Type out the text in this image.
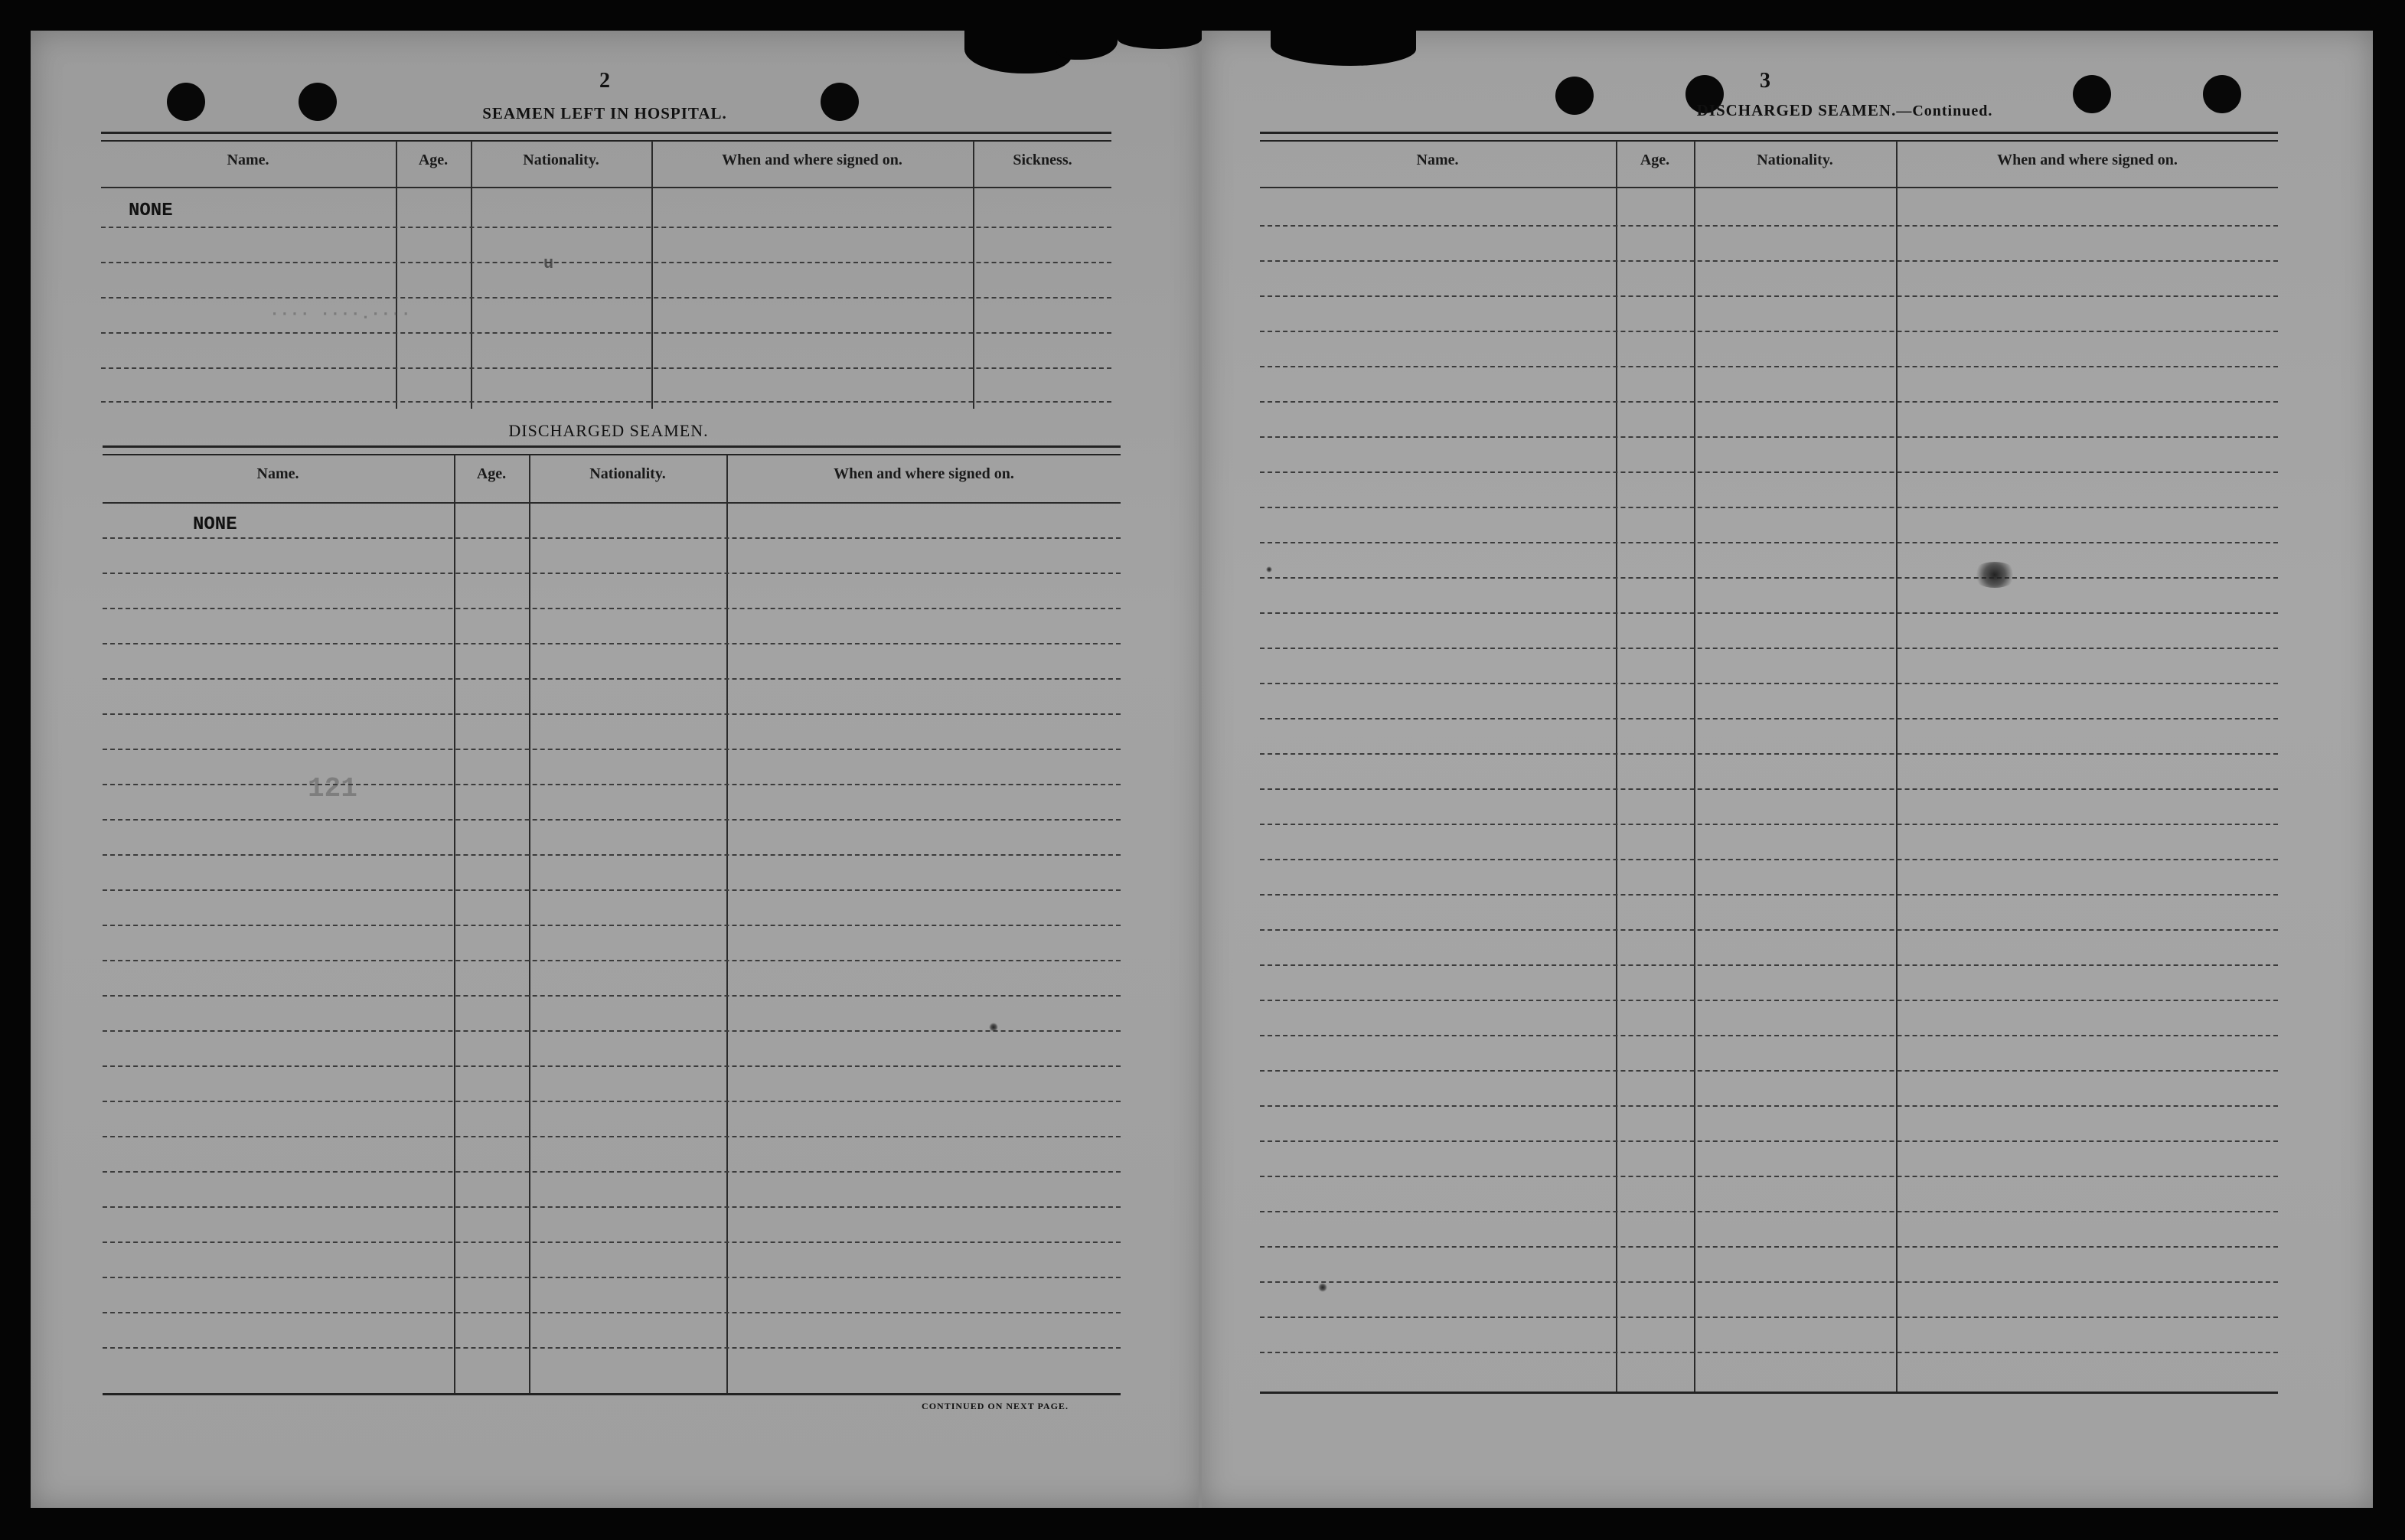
2
SEAMEN LEFT IN HOSPITAL.
Name.	Age.	Nationality.	When and where signed on.	Sickness.
NONE
···· ····.····
u
DISCHARGED SEAMEN.
Name.	Age.	Nationality.	When and where signed on.
NONE
121
CONTINUED ON NEXT PAGE.
3
DISCHARGED SEAMEN.—Continued.
Name.	Age.	Nationality.	When and where signed on.
